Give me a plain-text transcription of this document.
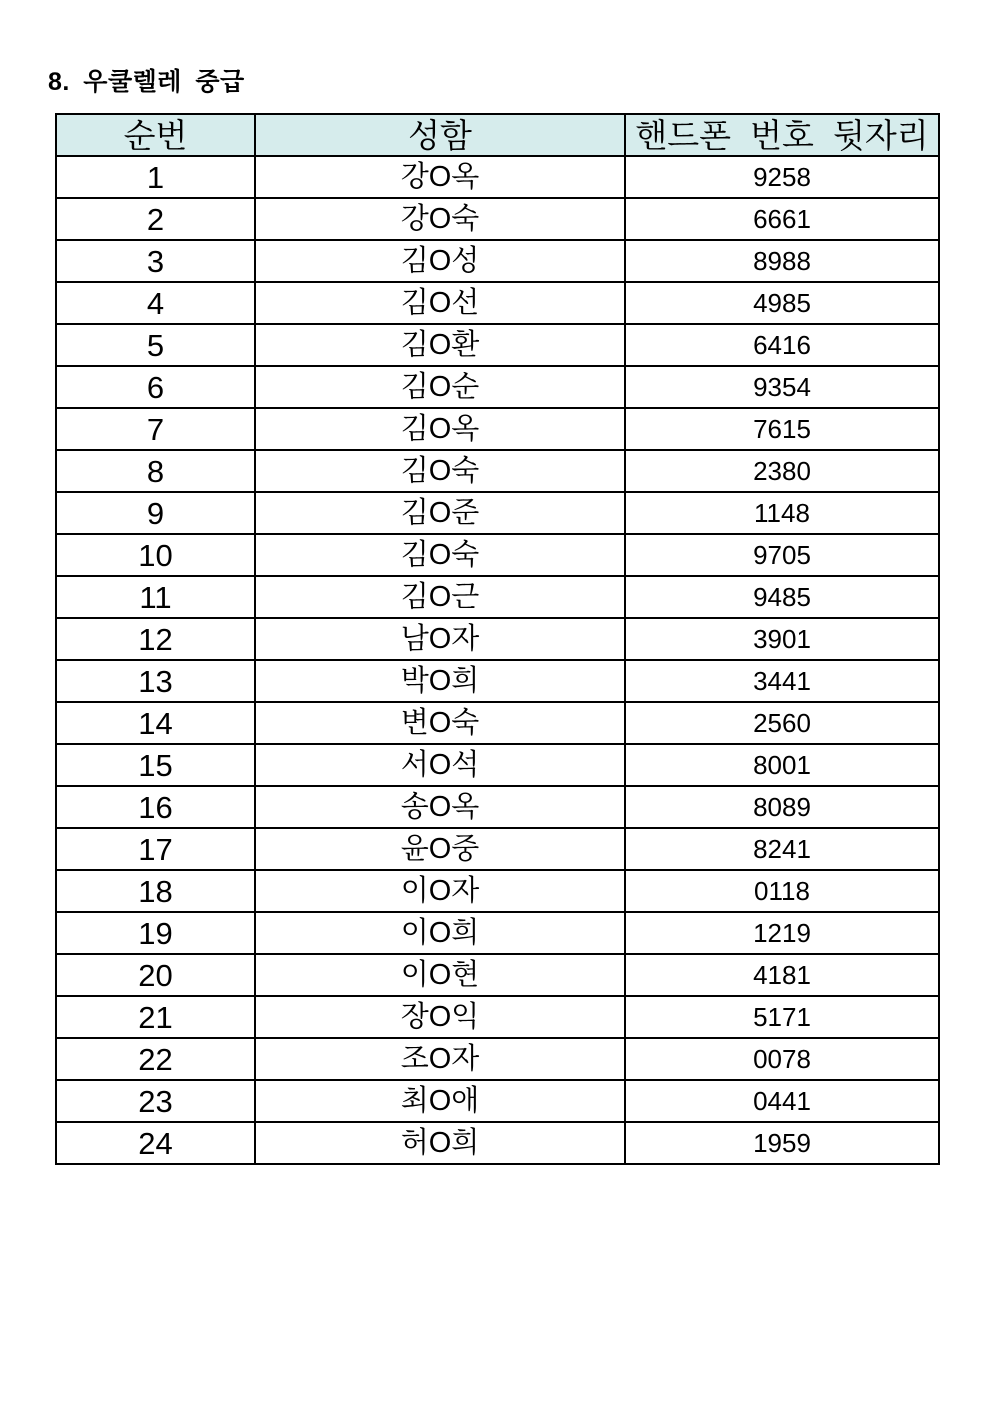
8. 우쿨렐레 중급
순번	성함	핸드폰 번호 뒷자리
1	강O옥	9258
2	강O숙	6661
3	김O성	8988
4	김O선	4985
5	김O환	6416
6	김O순	9354
7	김O옥	7615
8	김O숙	2380
9	김O준	1148
10	김O숙	9705
11	김O근	9485
12	남O자	3901
13	박O희	3441
14	변O숙	2560
15	서O석	8001
16	송O옥	8089
17	윤O중	8241
18	이O자	0118
19	이O희	1219
20	이O현	4181
21	장O익	5171
22	조O자	0078
23	최O애	0441
24	허O희	1959
